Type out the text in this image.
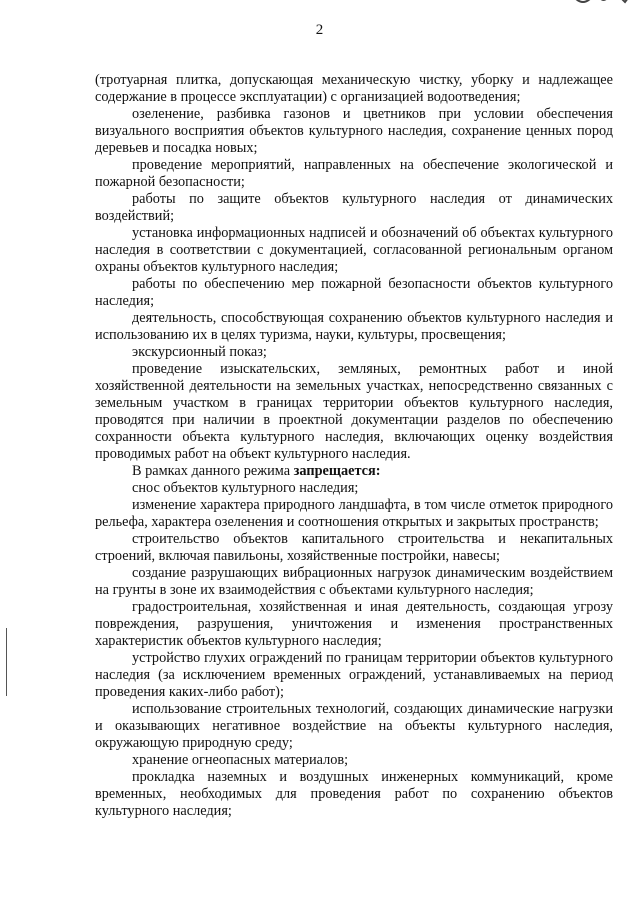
2

(тротуарная плитка, допускающая механическую чистку, уборку и надлежащее содержание в процессе эксплуатации) с организацией водоотведения;

озеленение, разбивка газонов и цветников при условии обеспечения визуального восприятия объектов культурного наследия, сохранение ценных пород деревьев и посадка новых;

проведение мероприятий, направленных на обеспечение экологической и пожарной безопасности;

работы по защите объектов культурного наследия от динамических воздействий;

установка информационных надписей и обозначений об объектах культурного наследия в соответствии с документацией, согласованной региональным органом охраны объектов культурного наследия;

работы по обеспечению мер пожарной безопасности объектов культурного наследия;

деятельность, способствующая сохранению объектов культурного наследия и использованию их в целях туризма, науки, культуры, просвещения;

экскурсионный показ;

проведение изыскательских, земляных, ремонтных работ и иной хозяйственной деятельности на земельных участках, непосредственно связанных с земельным участком в границах территории объектов культурного наследия, проводятся при наличии в проектной документации разделов по обеспечению сохранности объекта культурного наследия, включающих оценку воздействия проводимых работ на объект культурного наследия.

В рамках данного режима запрещается:

снос объектов культурного наследия;

изменение характера природного ландшафта, в том числе отметок природного рельефа, характера озеленения и соотношения открытых и закрытых пространств;

строительство объектов капитального строительства и некапитальных строений, включая павильоны, хозяйственные постройки, навесы;

создание разрушающих вибрационных нагрузок динамическим воздействием на грунты в зоне их взаимодействия с объектами культурного наследия;

градостроительная, хозяйственная и иная деятельность, создающая угрозу повреждения, разрушения, уничтожения и изменения пространственных характеристик объектов культурного наследия;

устройство глухих ограждений по границам территории объектов культурного наследия (за исключением временных ограждений, устанавливаемых на период проведения каких-либо работ);

использование строительных технологий, создающих динамические нагрузки и оказывающих негативное воздействие на объекты культурного наследия, окружающую природную среду;

хранение огнеопасных материалов;

прокладка наземных и воздушных инженерных коммуникаций, кроме временных, необходимых для проведения работ по сохранению объектов культурного наследия;
